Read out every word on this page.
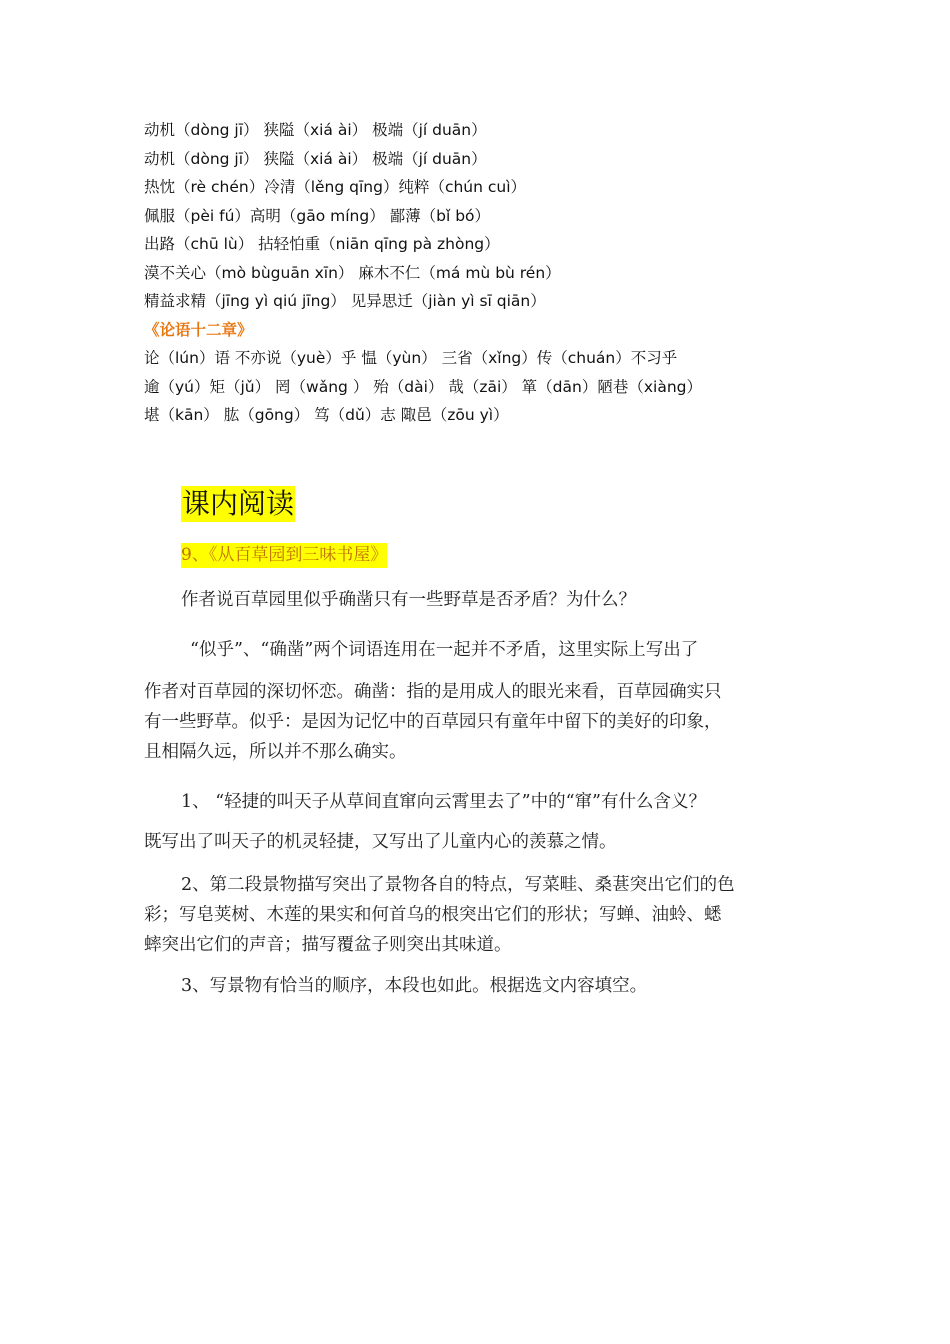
动机（dòng jī） 狭隘（xiá ài） 极端（jí duān）
动机（dòng jī） 狭隘（xiá ài） 极端（jí duān）
热忱（rè chén）冷清（lěng qīng）纯粹（chún cuì）
佩服（pèi fú）高明（gāo míng） 鄙薄（bǐ bó）
出路（chū lù） 拈轻怕重（niān qīng pà zhòng）
漠不关心（mò bùguān xīn） 麻木不仁（má mù bù rén）
精益求精（jīng yì qiú jīng） 见异思迁（jiàn yì sī qiān）
《论语十二章》
论（lún）语 不亦说（yuè）乎 愠（yùn） 三省（xǐng）传（chuán）不习乎
逾（yú）矩（jǔ） 罔（wǎng ） 殆（dài） 哉（zāi） 箪（dān）陋巷（xiàng）
堪（kān） 肱（gōng） 笃（dǔ）志 陬邑（zōu yì）
课内阅读
9、《从百草园到三味书屋》
作者说百草园里似乎确凿只有一些野草是否矛盾？为什么？
“似乎”、“确凿”两个词语连用在一起并不矛盾，这里实际上写出了
作者对百草园的深切怀恋。确凿：指的是用成人的眼光来看，百草园确实只
有一些野草。似乎：是因为记忆中的百草园只有童年中留下的美好的印象，
且相隔久远，所以并不那么确实。
1、 “轻捷的叫天子从草间直窜向云霄里去了”中的“窜”有什么含义？
既写出了叫天子的机灵轻捷，又写出了儿童内心的羡慕之情。
2、第二段景物描写突出了景物各自的特点，写菜畦、桑葚突出它们的色
彩；写皂荚树、木莲的果实和何首乌的根突出它们的形状；写蝉、油蛉、蟋
蟀突出它们的声音；描写覆盆子则突出其味道。
3、写景物有恰当的顺序，本段也如此。根据选文内容填空。
